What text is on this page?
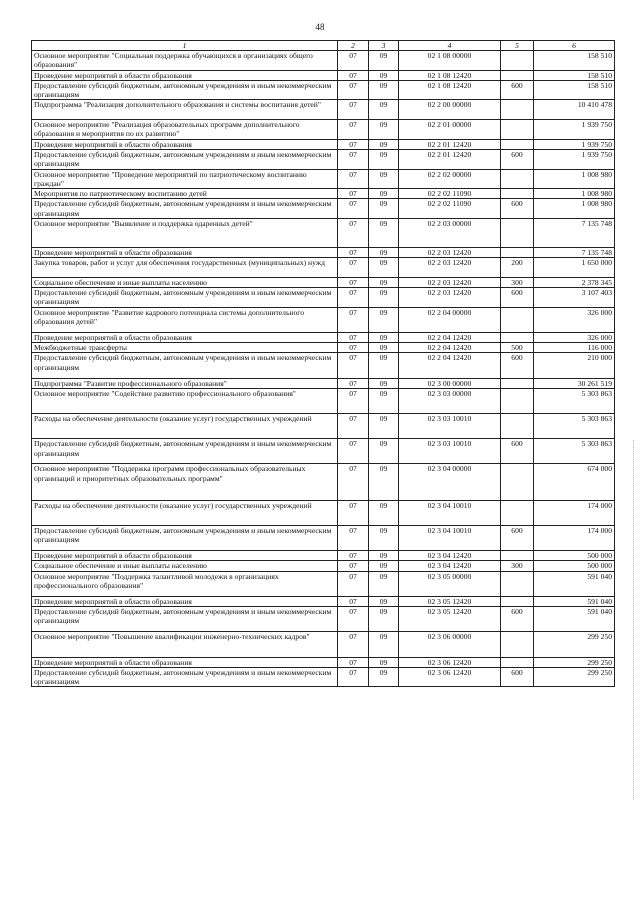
48
1	2	3	4	5	6
Основное мероприятие "Социальная поддержка обучающихся в организациях общего образования"	07	09	02 1 08 00000		158 510
Проведение мероприятий в области образования	07	09	02 1 08 12420		158 510
Предоставление субсидий бюджетным, автономным учреждениям и иным некоммерческим организациям	07	09	02 1 08 12420	600	158 510
Подпрограмма "Реализация дополнительного образования и системы воспитания детей"	07	09	02 2 00 00000		10 410 478
Основное мероприятие "Реализация образовательных программ дополнительного образования и мероприятия по их развитию"	07	09	02 2 01 00000		1 939 750
Проведение мероприятий в области образования	07	09	02 2 01 12420		1 939 750
Предоставление субсидий бюджетным, автономным учреждениям и иным некоммерческим организациям	07	09	02 2 01 12420	600	1 939 750
Основное мероприятие "Проведение мероприятий по патриотическому воспитанию граждан"	07	09	02 2 02 00000		1 008 980
Мероприятия по патриотическому воспитанию детей	07	09	02 2 02 11090		1 008 980
Предоставление субсидий бюджетным, автономным учреждениям и иным некоммерческим организациям	07	09	02 2 02 11090	600	1 008 980
Основное мероприятие "Выявление и поддержка одаренных детей"	07	09	02 2 03 00000		7 135 748
Проведение мероприятий в области образования	07	09	02 2 03 12420		7 135 748
Закупка товаров, работ и услуг для обеспечения государственных (муниципальных) нужд	07	09	02 2 03 12420	200	1 650 000
Социальное обеспечение и иные выплаты населению	07	09	02 2 03 12420	300	2 378 345
Предоставление субсидий бюджетным, автономным учреждениям и иным некоммерческим организациям	07	09	02 2 03 12420	600	3 107 403
Основное мероприятие "Развитие кадрового потенциала системы дополнительного образования детей"	07	09	02 2 04 00000		326 000
Проведение мероприятий в области образования	07	09	02 2 04 12420		326 000
Межбюджетные трансферты	07	09	02 2 04 12420	500	116 000
Предоставление субсидий бюджетным, автономным учреждениям и иным некоммерческим организациям	07	09	02 2 04 12420	600	210 000
Подпрограмма "Развитие профессионального образования"	07	09	02 3 00 00000		30 261 519
Основное мероприятие "Содействие развитию профессионального образования"	07	09	02 3 03 00000		5 303 863
Расходы на обеспечение деятельности (оказание услуг) государственных учреждений	07	09	02 3 03 10010		5 303 863
Предоставление субсидий бюджетным, автономным учреждениям и иным некоммерческим организациям	07	09	02 3 03 10010	600	5 303 863
Основное мероприятие "Поддержка программ профессиональных образовательных организаций и приоритетных образовательных программ"	07	09	02 3 04 00000		674 000
Расходы на обеспечение деятельности (оказание услуг) государственных учреждений	07	09	02 3 04 10010		174 000
Предоставление субсидий бюджетным, автономным учреждениям и иным некоммерческим организациям	07	09	02 3 04 10010	600	174 000
Проведение мероприятий в области образования	07	09	02 3 04 12420		500 000
Социальное обеспечение и иные выплаты населению	07	09	02 3 04 12420	300	500 000
Основное мероприятие "Поддержка талантливой молодежи в организациях профессионального образования"	07	09	02 3 05 00000		591 040
Проведение мероприятий в области образования	07	09	02 3 05 12420		591 040
Предоставление субсидий бюджетным, автономным учреждениям и иным некоммерческим организациям	07	09	02 3 05 12420	600	591 040
Основное мероприятие "Повышение квалификации инженерно-технических кадров"	07	09	02 3 06 00000		299 250
Проведение мероприятий в области образования	07	09	02 3 06 12420		299 250
Предоставление субсидий бюджетным, автономным учреждениям и иным некоммерческим организациям	07	09	02 3 06 12420	600	299 250
